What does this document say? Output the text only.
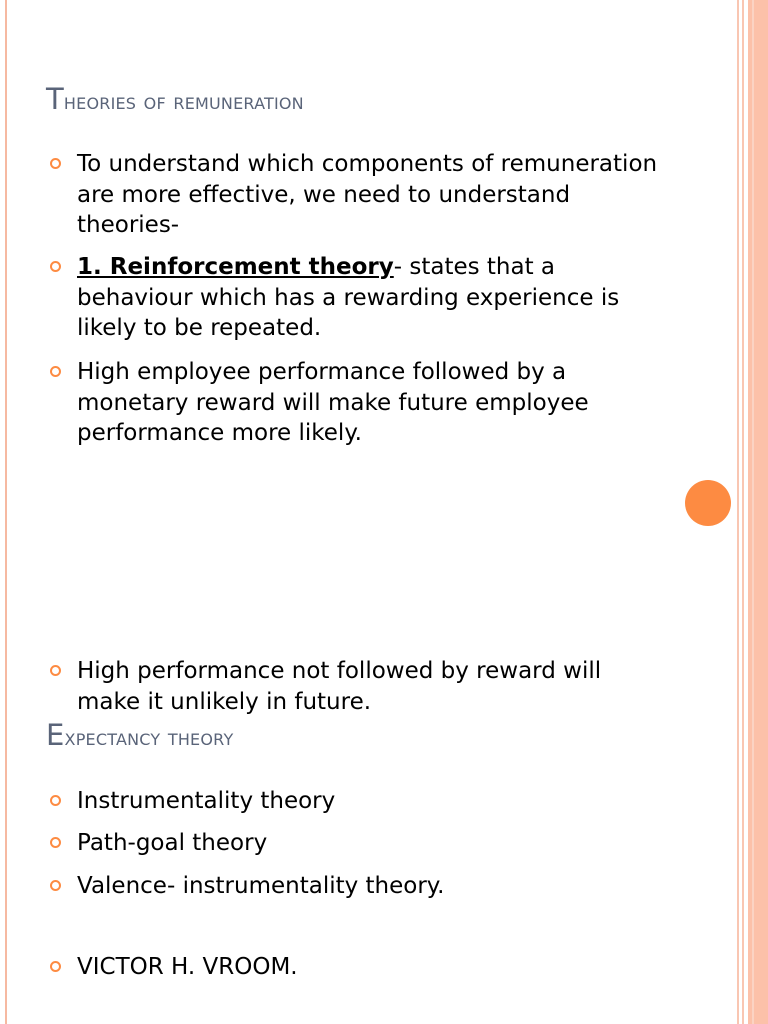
Theories of remuneration
To understand which components of remuneration are more effective, we need to understand theories-
1. Reinforcement theory- states that a behaviour which has a rewarding experience is likely to be repeated.
High employee performance followed by a monetary reward will make future employee performance more likely.
High performance not followed by reward will make it unlikely in future.
Expectancy theory
Instrumentality theory
Path-goal theory
Valence- instrumentality theory.
VICTOR H. VROOM.
